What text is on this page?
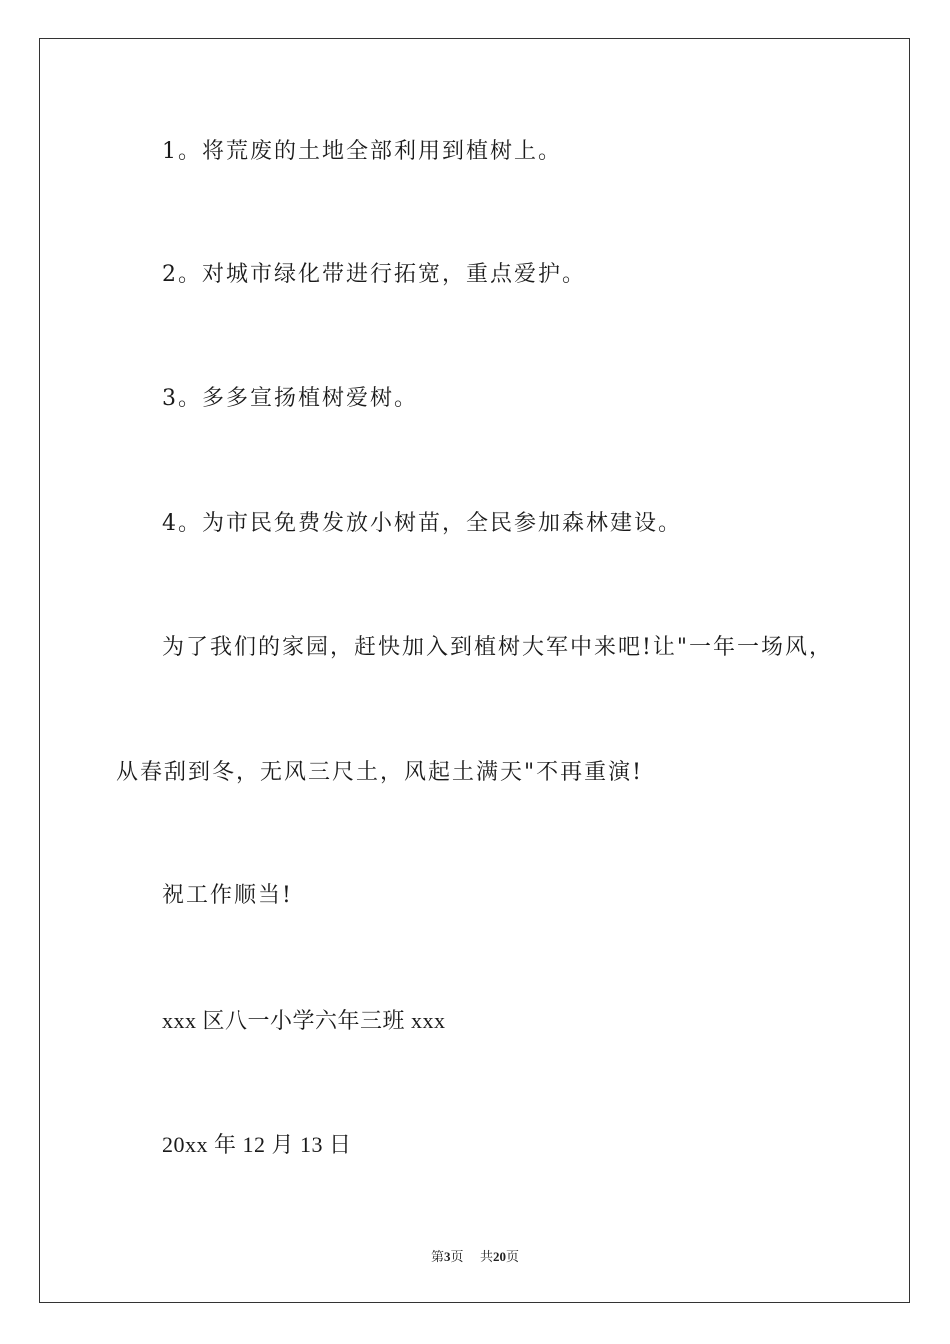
1。将荒废的土地全部利用到植树上。
2。对城市绿化带进行拓宽，重点爱护。
3。多多宣扬植树爱树。
4。为市民免费发放小树苗，全民参加森林建设。
为了我们的家园，赶快加入到植树大军中来吧!让"一年一场风，
从春刮到冬，无风三尺土，风起土满天"不再重演!
祝工作顺当!
xxx 区八一小学六年三班 xxx
20xx 年 12 月 13 日
第3页    共20页
